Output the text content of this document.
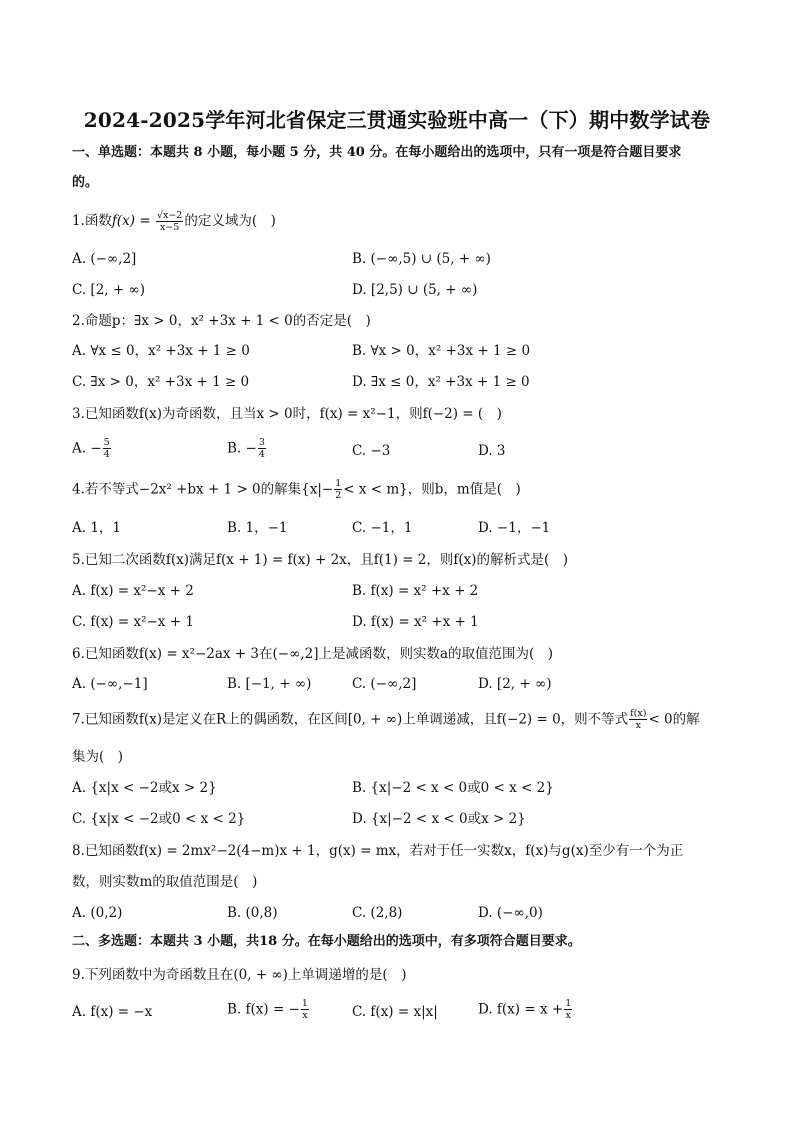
2024-2025学年河北省保定三贯通实验班中高一（下）期中数学试卷
一、单选题：本题共 8 小题，每小题 5 分，共 40 分。在每小题给出的选项中，只有一项是符合题目要求
的。
1.函数$f(x) = \frac{√x-2}{x-5}$ 的定义域为(　)
A. (−∞,2]	B. (−∞,5) ∪ (5, + ∞)
C. [2, + ∞)	D. [2,5) ∪ (5, + ∞)
2.命题p：∃x > 0，x² +3x + 1 < 0的否定是(　)
A. ∀x ≤ 0，x² +3x + 1 ≥ 0	B. ∀x > 0，x² +3x + 1 ≥ 0
C. ∃x > 0，x² +3x + 1 ≥ 0	D. ∃x ≤ 0，x² +3x + 1 ≥ 0
3.已知函数f(x)为奇函数，且当x > 0时，f(x) = x²−1，则f(−2) = (　)
A. − $\frac{5}{4}$	B. − $\frac{3}{4}$	C. −3	D. 3
4.若不等式−2x² +bx + 1 > 0的解集$\{x|- \frac{1}{2} < x < m\}$，则b，m值是(　)
A. 1，1	B. 1，−1	C. −1，1	D. −1，−1
5.已知二次函数f(x)满足f(x + 1) = f(x) + 2x，且f(1) = 2，则f(x)的解析式是(　)
A. f(x) = x²−x + 2	B. f(x) = x² +x + 2
C. f(x) = x²−x + 1	D. f(x) = x² +x + 1
6.已知函数f(x) = x²−2ax + 3在(−∞,2]上是减函数，则实数a的取值范围为(　)
A. (−∞,−1]	B. [−1, + ∞)	C. (−∞,2]	D. [2, + ∞)
7.已知函数f(x)是定义在R上的偶函数，在区间[0, + ∞)上单调递减，且f(−2) = 0，则不等式 $\frac{f(x)}{x} < 0$的解
集为(　)
A. {x|x < −2或x > 2}	B. {x|−2 < x < 0或0 < x < 2}
C. {x|x < −2或0 < x < 2}	D. {x|−2 < x < 0或x > 2}
8.已知函数f(x) = 2mx²−2(4−m)x + 1，g(x) = mx，若对于任一实数x，f(x)与g(x)至少有一个为正
数，则实数m的取值范围是(　)
A. (0,2)	B. (0,8)	C. (2,8)	D. (−∞,0)
二、多选题：本题共 3 小题，共18 分。在每小题给出的选项中，有多项符合题目要求。
9.下列函数中为奇函数且在(0, + ∞)上单调递增的是(　)
A. f(x) = −x	B. f(x) = − $\frac{1}{x}$	C. f(x) = x|x|	D. $f(x) = x + \frac{1}{x}$
